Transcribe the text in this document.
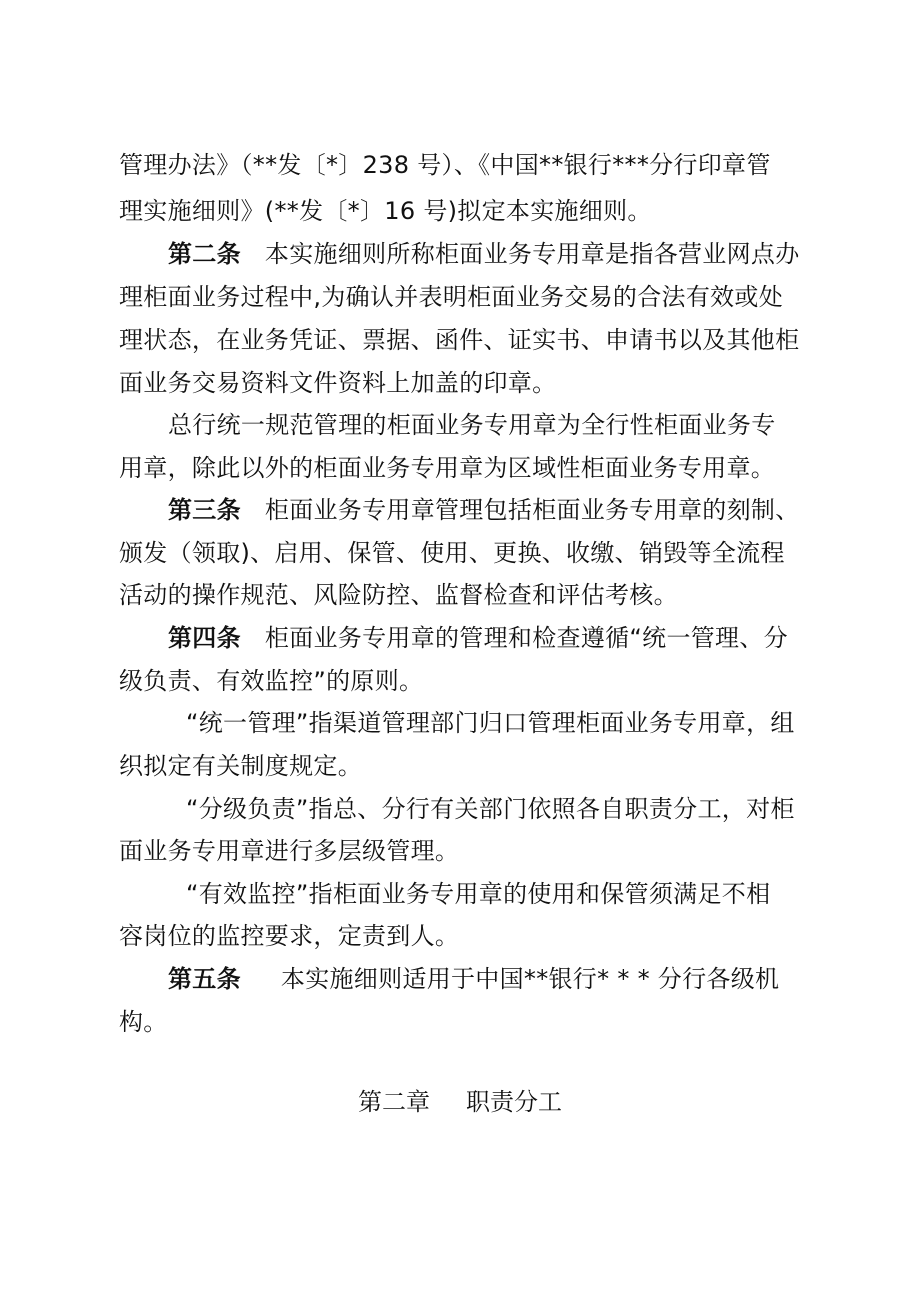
管理办法》（**发〔*〕238 号）、《中国**银行***分行印章管
理实施细则》(**发〔*〕16 号)拟定本实施细则。
第二条 本实施细则所称柜面业务专用章是指各营业网点办
理柜面业务过程中,为确认并表明柜面业务交易的合法有效或处
理状态，在业务凭证、票据、函件、证实书、申请书以及其他柜
面业务交易资料文件资料上加盖的印章。
总行统一规范管理的柜面业务专用章为全行性柜面业务专
用章，除此以外的柜面业务专用章为区域性柜面业务专用章。
第三条 柜面业务专用章管理包括柜面业务专用章的刻制、
颁发（领取)、启用、保管、使用、更换、收缴、销毁等全流程
活动的操作规范、风险防控、监督检查和评估考核。
第四条 柜面业务专用章的管理和检查遵循“统一管理、分
级负责、有效监控”的原则。
“统一管理”指渠道管理部门归口管理柜面业务专用章，组
织拟定有关制度规定。
“分级负责”指总、分行有关部门依照各自职责分工，对柜
面业务专用章进行多层级管理。
“有效监控”指柜面业务专用章的使用和保管须满足不相
容岗位的监控要求，定责到人。
第五条 本实施细则适用于中国**银行* * * 分行各级机
构。
第二章 职责分工
